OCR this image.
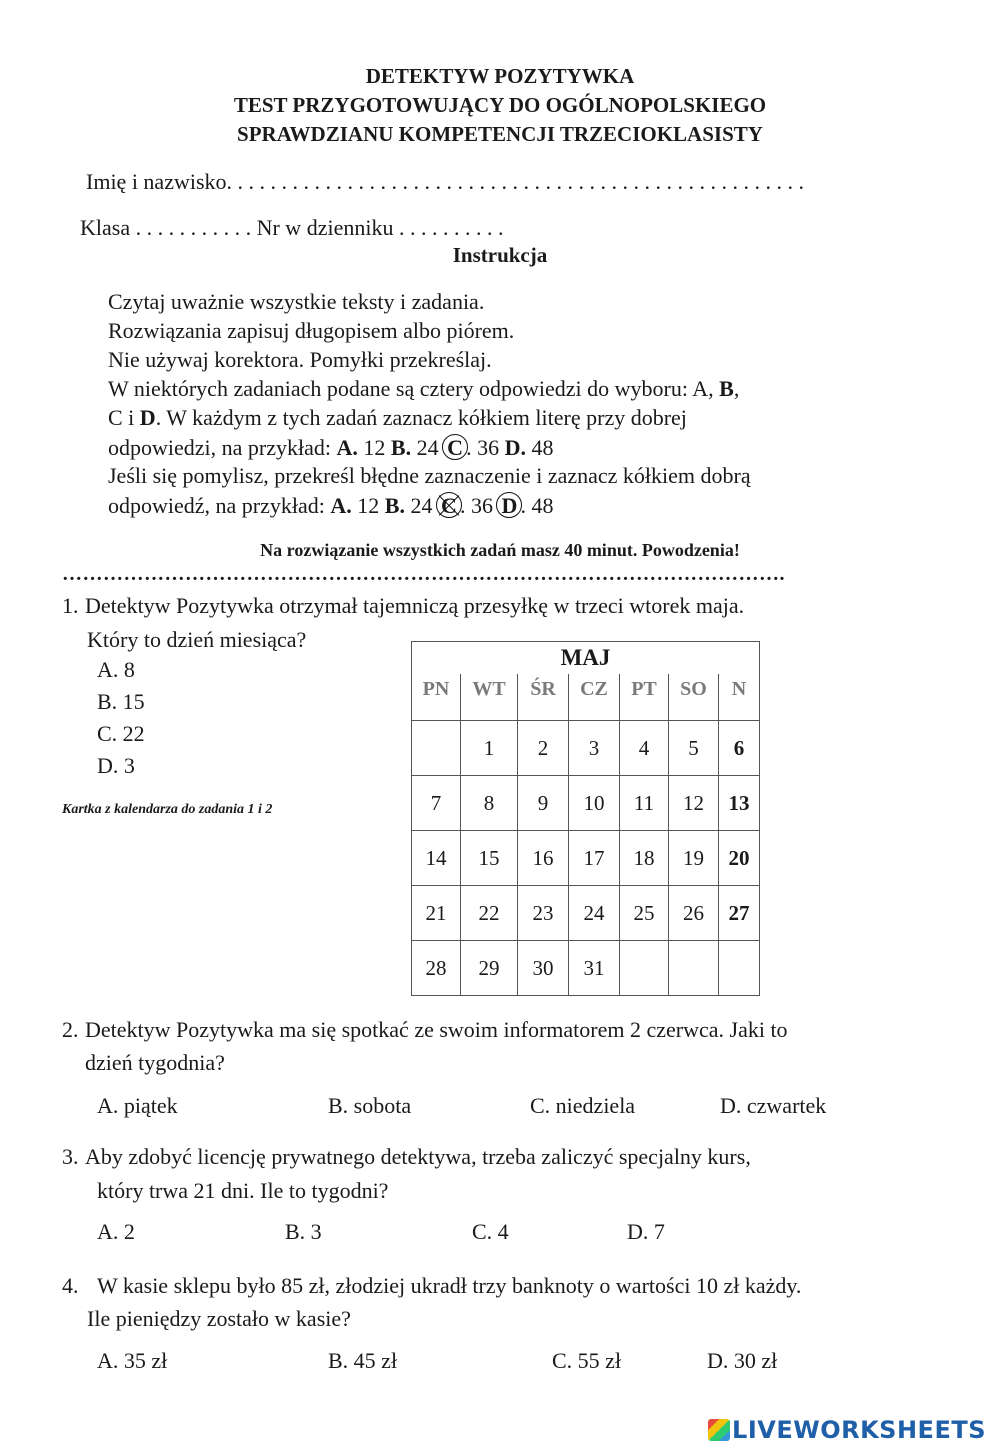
DETEKTYW POZYTYWKA
TEST PRZYGOTOWUJĄCY DO OGÓLNOPOLSKIEGO
SPRAWDZIANU KOMPETENCJI TRZECIOKLASISTY
Imię i nazwisko. . . . . . . . . . . . . . . . . . . . . . . . . . . . . . . . . . . . . . . . . . . . . . . . . . . . .
Klasa . . . . . . . . . . . Nr w dzienniku . . . . . . . . . .
Instrukcja
Czytaj uważnie wszystkie teksty i zadania.
Rozwiązania zapisuj długopisem albo piórem.
Nie używaj korektora. Pomyłki przekreślaj.
W niektórych zadaniach podane są cztery odpowiedzi do wyboru: A, B,
C i D. W każdym z tych zadań zaznacz kółkiem literę przy dobrej
odpowiedzi, na przykład: A. 12 B. 24 C . 36 D. 48
Jeśli się pomylisz, przekreśl błędne zaznaczenie i zaznacz kółkiem dobrą
odpowiedź, na przykład: A. 12 B. 24 C . 36 D . 48
Na rozwiązanie wszystkich zadań masz 40 minut. Powodzenia!
…………………………………………………………………………………………….
1. Detektyw Pozytywka otrzymał tajemniczą przesyłkę w trzeci wtorek maja.
Który to dzień miesiąca?
A. 8
B. 15
C. 22
D. 3
Kartka z kalendarza do zadania 1 i 2
MAJ						
PN	WT	ŚR	CZ	PT	SO	N
	1	2	3	4	5	6
7	8	9	10	11	12	13
14	15	16	17	18	19	20
21	22	23	24	25	26	27
28	29	30	31			
2. Detektyw Pozytywka ma się spotkać ze swoim informatorem 2 czerwca. Jaki to
dzień tygodnia?
A. piątek	B. sobota	C. niedziela	D. czwartek
3. Aby zdobyć licencję prywatnego detektywa, trzeba zaliczyć specjalny kurs,
który trwa 21 dni. Ile to tygodni?
A. 2	B. 3	C. 4	D. 7
4. W kasie sklepu było 85 zł, złodziej ukradł trzy banknoty o wartości 10 zł każdy.
Ile pieniędzy zostało w kasie?
A. 35 zł	B. 45 zł	C. 55 zł	D. 30 zł
LIVEWORKSHEETS
